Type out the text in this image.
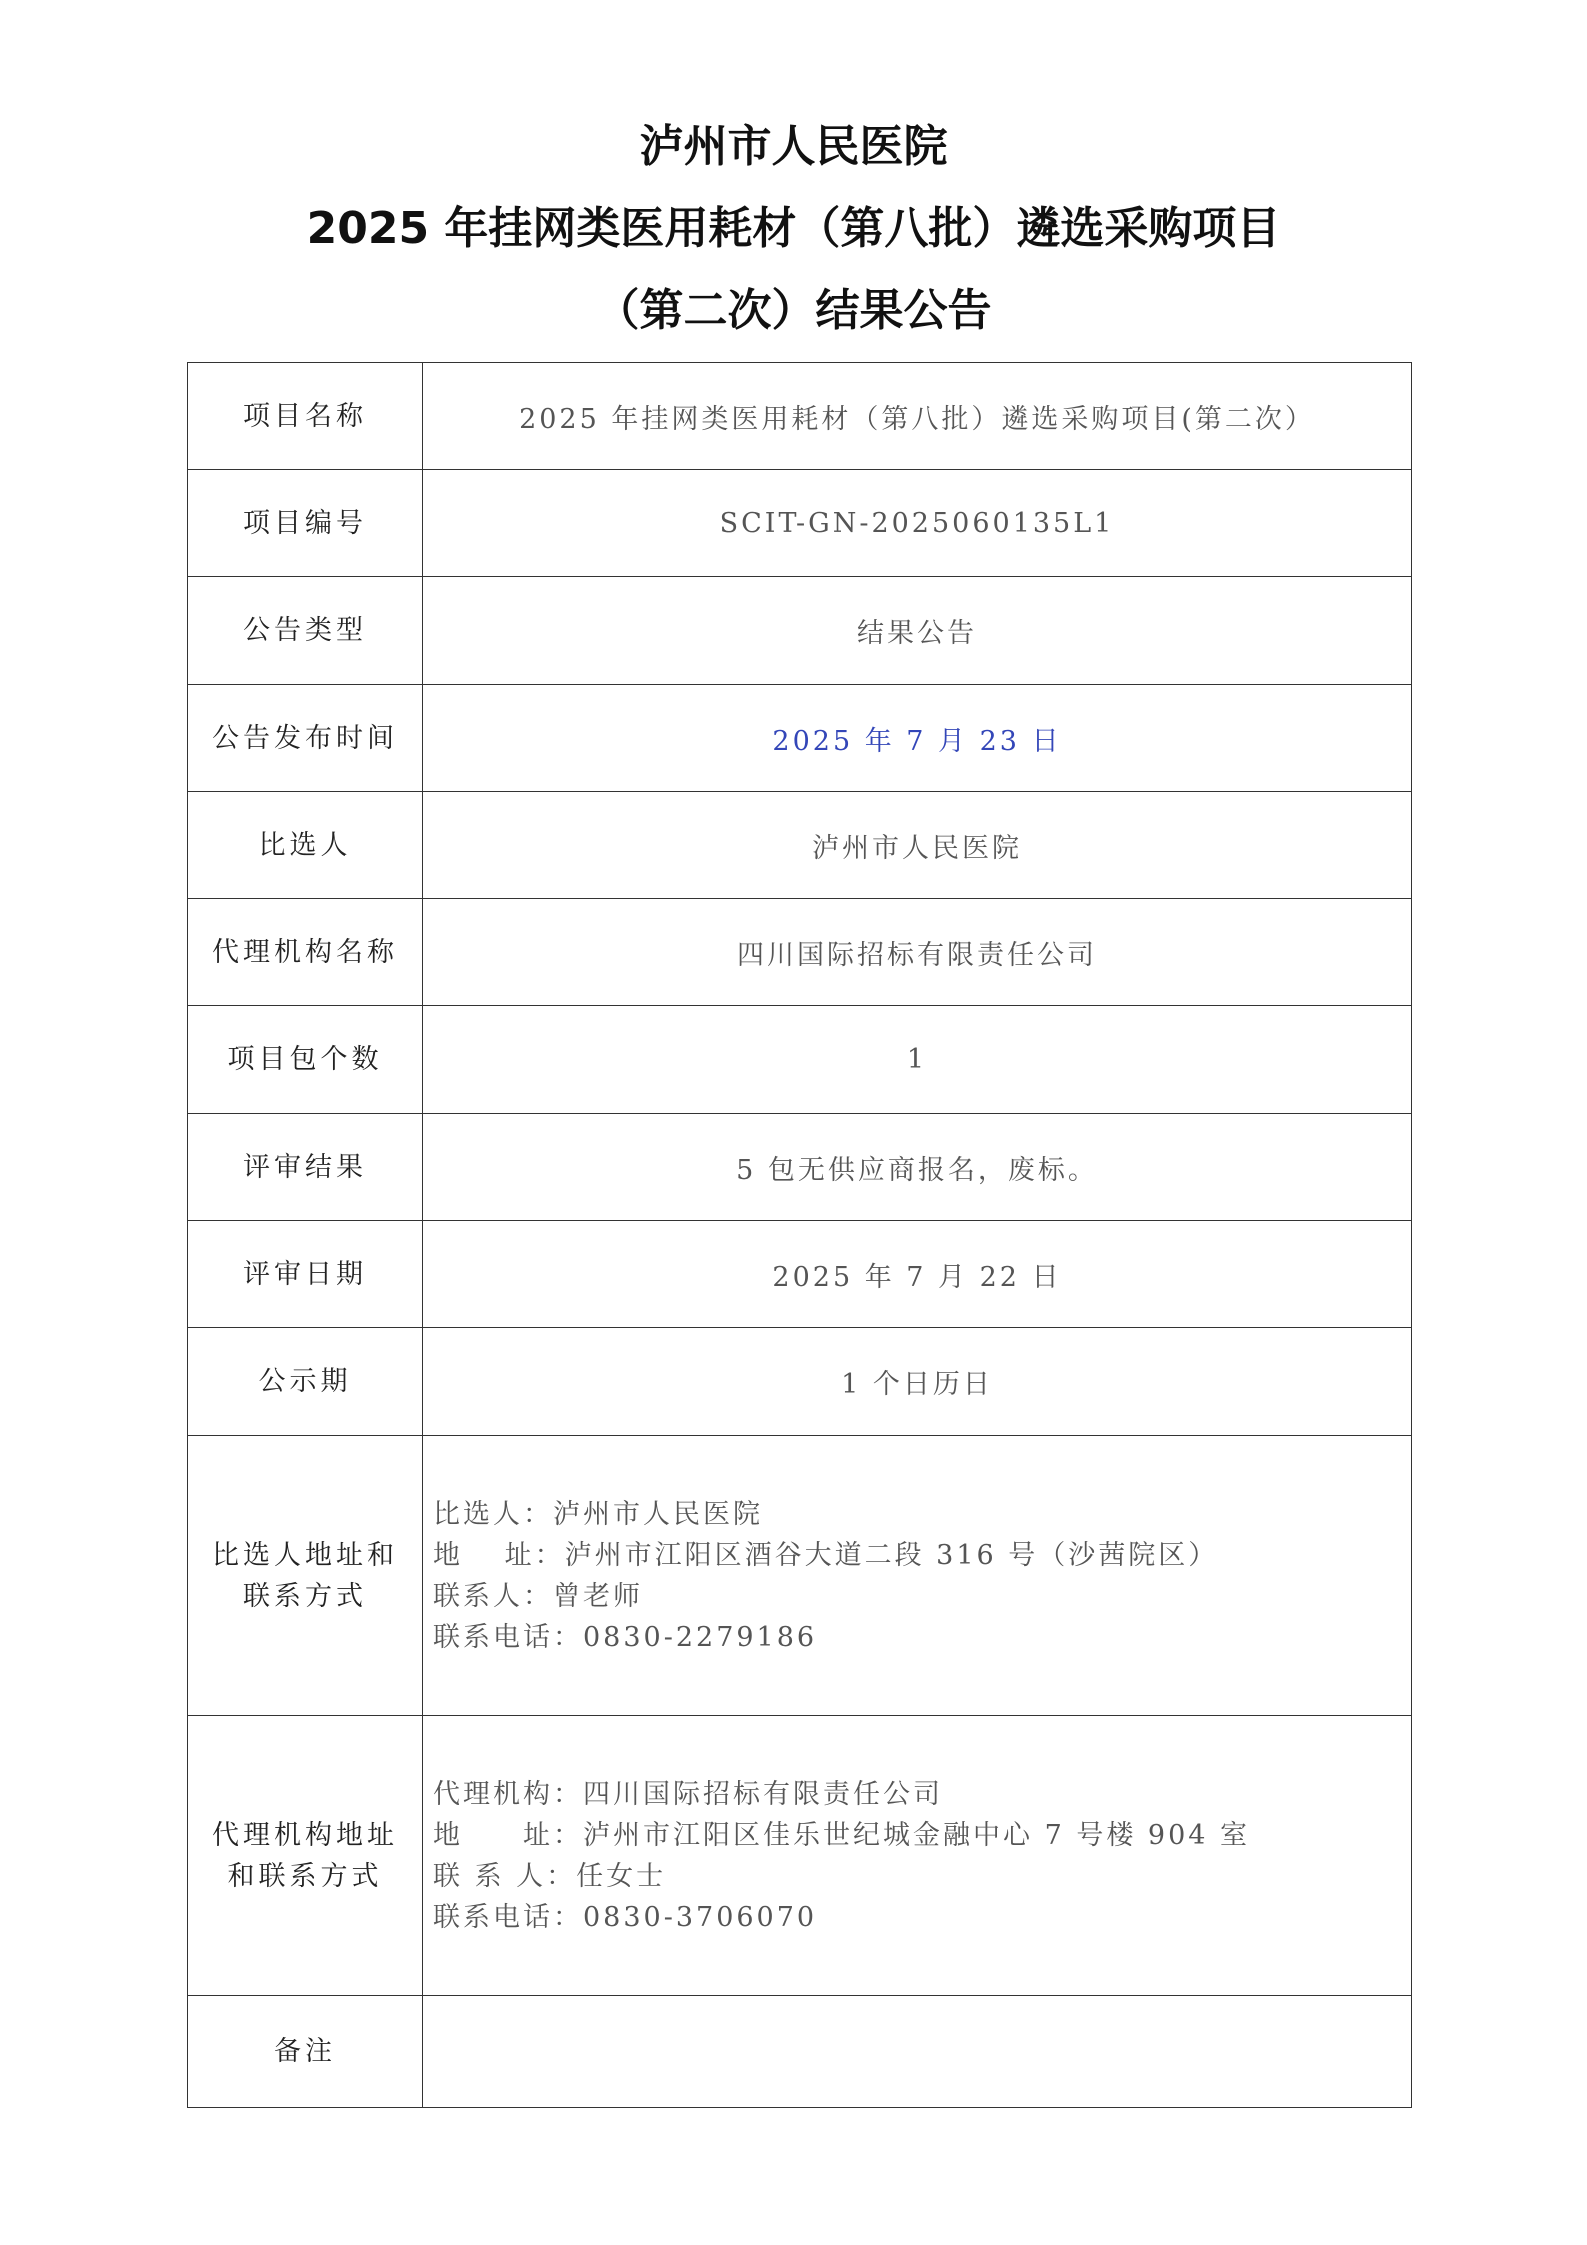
泸州市人民医院
2025 年挂网类医用耗材（第八批）遴选采购项目
（第二次）结果公告
项目名称	2025 年挂网类医用耗材（第八批）遴选采购项目(第二次）
项目编号	SCIT-GN-2025060135L1
公告类型	结果公告
公告发布时间	2025 年 7 月 23 日
比选人	泸州市人民医院
代理机构名称	四川国际招标有限责任公司
项目包个数	1
评审结果	5 包无供应商报名，废标。
评审日期	2025 年 7 月 22 日
公示期	1 个日历日

比选人地址和
联系方式	比选人：泸州市人民医院
地　 址：泸州市江阳区酒谷大道二段 316 号（沙茜院区）
联系人：曾老师
联系电话：0830-2279186

代理机构地址
和联系方式	代理机构：四川国际招标有限责任公司
地　　址：泸州市江阳区佳乐世纪城金融中心 7 号楼 904 室
联 系 人：任女士
联系电话：0830-3706070

备注	
